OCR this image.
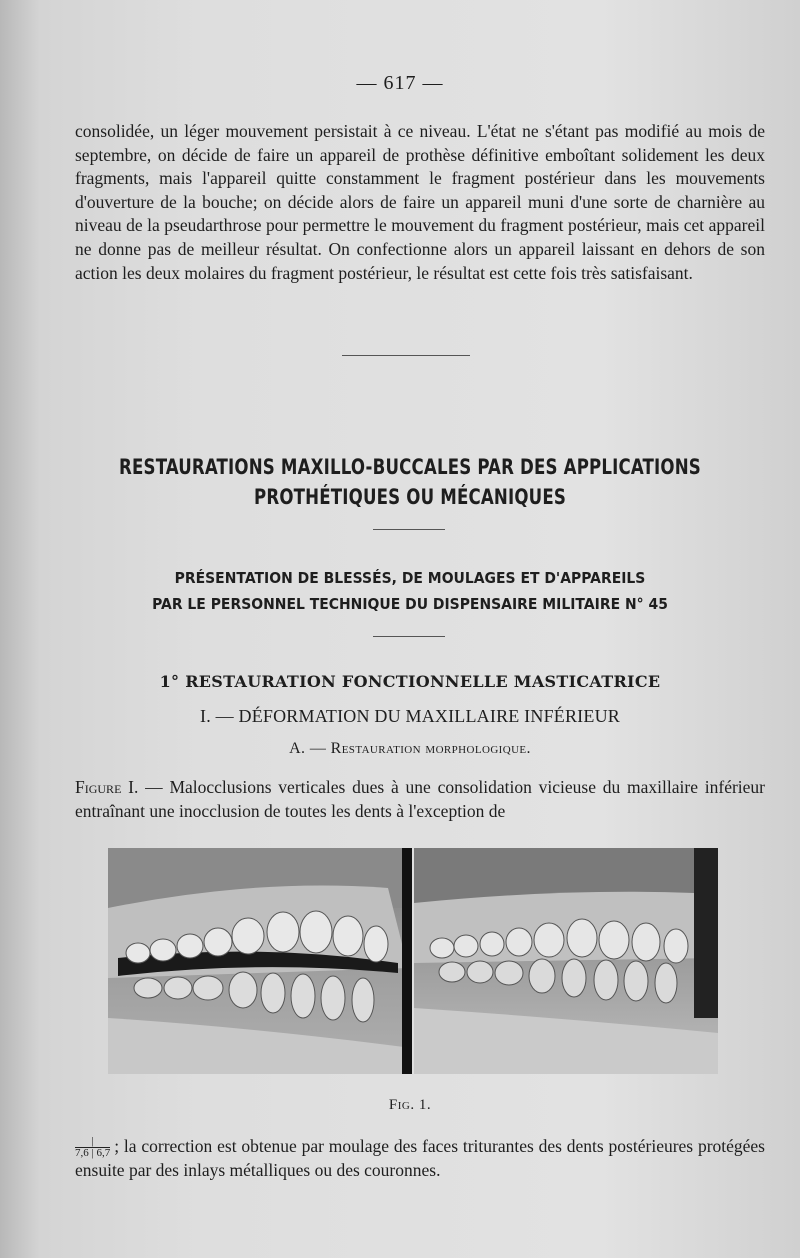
— 617 —
consolidée, un léger mouvement persistait à ce niveau. L'état ne s'étant pas modifié au mois de septembre, on décide de faire un appareil de prothèse définitive emboîtant solidement les deux fragments, mais l'appareil quitte constamment le fragment postérieur dans les mouvements d'ouverture de la bouche; on décide alors de faire un appareil muni d'une sorte de charnière au niveau de la pseudarthrose pour permettre le mouvement du fragment postérieur, mais cet appareil ne donne pas de meilleur résultat. On confectionne alors un appareil laissant en dehors de son action les deux molaires du fragment postérieur, le résultat est cette fois très satisfaisant.
RESTAURATIONS MAXILLO-BUCCALES PAR DES APPLICATIONS
PROTHÉTIQUES OU MÉCANIQUES
PRÉSENTATION DE BLESSÉS, DE MOULAGES ET D'APPAREILS
PAR LE PERSONNEL TECHNIQUE DU DISPENSAIRE MILITAIRE N° 45
1° RESTAURATION FONCTIONNELLE MASTICATRICE
I. — DÉFORMATION DU MAXILLAIRE INFÉRIEUR
A. — Restauration morphologique.
Figure I. — Malocclusions verticales dues à une consolidation vicieuse du maxillaire inférieur entraînant une inocclusion de toutes les dents à l'exception de
Fig. 1.
$\frac{|}{7,6 | 6,7}$ ; la correction est obtenue par moulage des faces triturantes des dents postérieures protégées ensuite par des inlays métalliques ou des couronnes.
